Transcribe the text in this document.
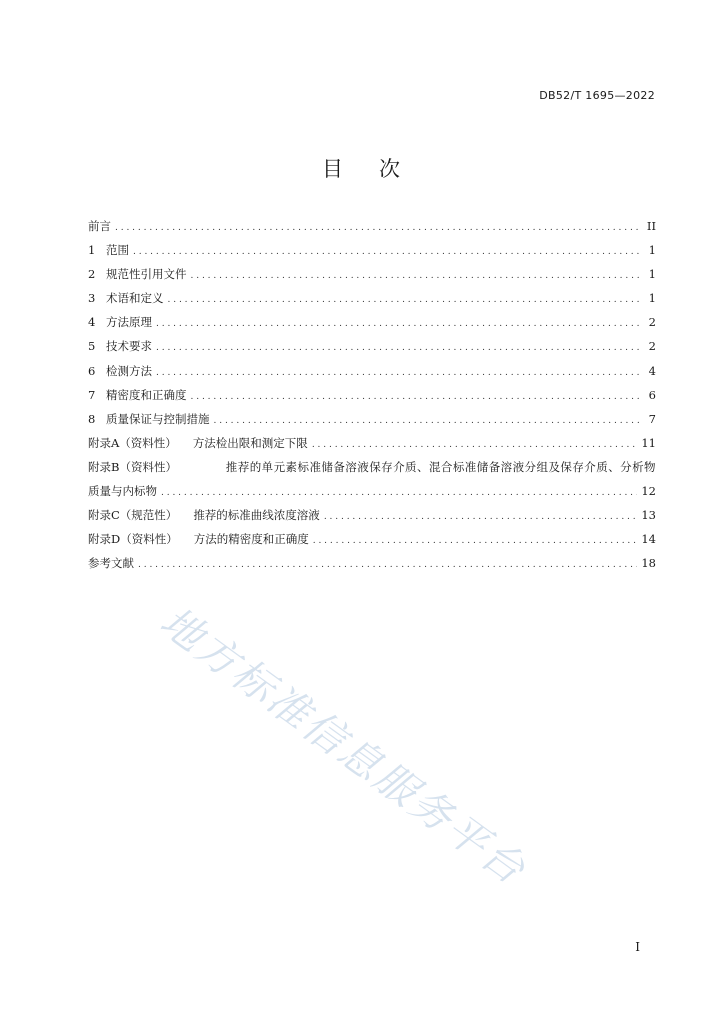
DB52/T 1695—2022
目 次
前言 . . .	II
1 范围 . . .	1
2 规范性引用文件 . . .	1
3 术语和定义 . . .	1
4 方法原理 . . .	2
5 技术要求 . . .	2
6 检测方法 . . .	4
7 精密度和正确度 . . .	6
8 质量保证与控制措施 . . .	7
附录A（资料性） 方法检出限和测定下限 . . .	11
附录B（资料性）	推荐的单元素标准储备溶液保存介质、混合标准储备溶液分组及保存介质、分析物
质量与内标物 . . .	12
附录C（规范性） 推荐的标准曲线浓度溶液 . . .	13
附录D（资料性） 方法的精密度和正确度 . . .	14
参考文献 . . .	18
地方标准信息服务平台
I
